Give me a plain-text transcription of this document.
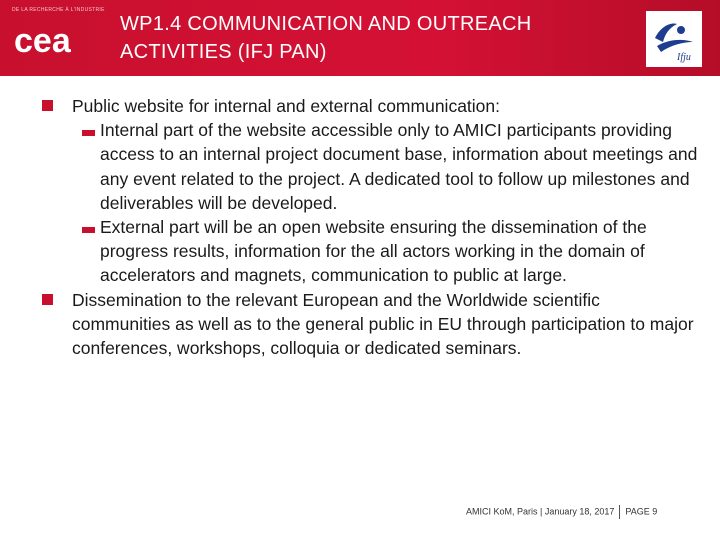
DE LA RECHERCHE À L'INDUSTRIE
cea WP1.4 COMMUNICATION AND OUTREACH
ACTIVITIES (IFJ PAN)	Ifju
Public website for internal and external communication:
Internal part of the website accessible only to AMICI participants providing access to an internal project document base, information about meetings and any event related to the project. A dedicated tool to follow up milestones and deliverables will be developed.
External part will be an open website ensuring the dissemination of the progress results, information for the all actors working in the domain of accelerators and magnets, communication to public at large.
Dissemination to the relevant European and the Worldwide scientific communities as well as to the general public in EU through participation to major conferences, workshops, colloquia or dedicated seminars.
AMICI KoM, Paris | January 18, 2017 PAGE 9
